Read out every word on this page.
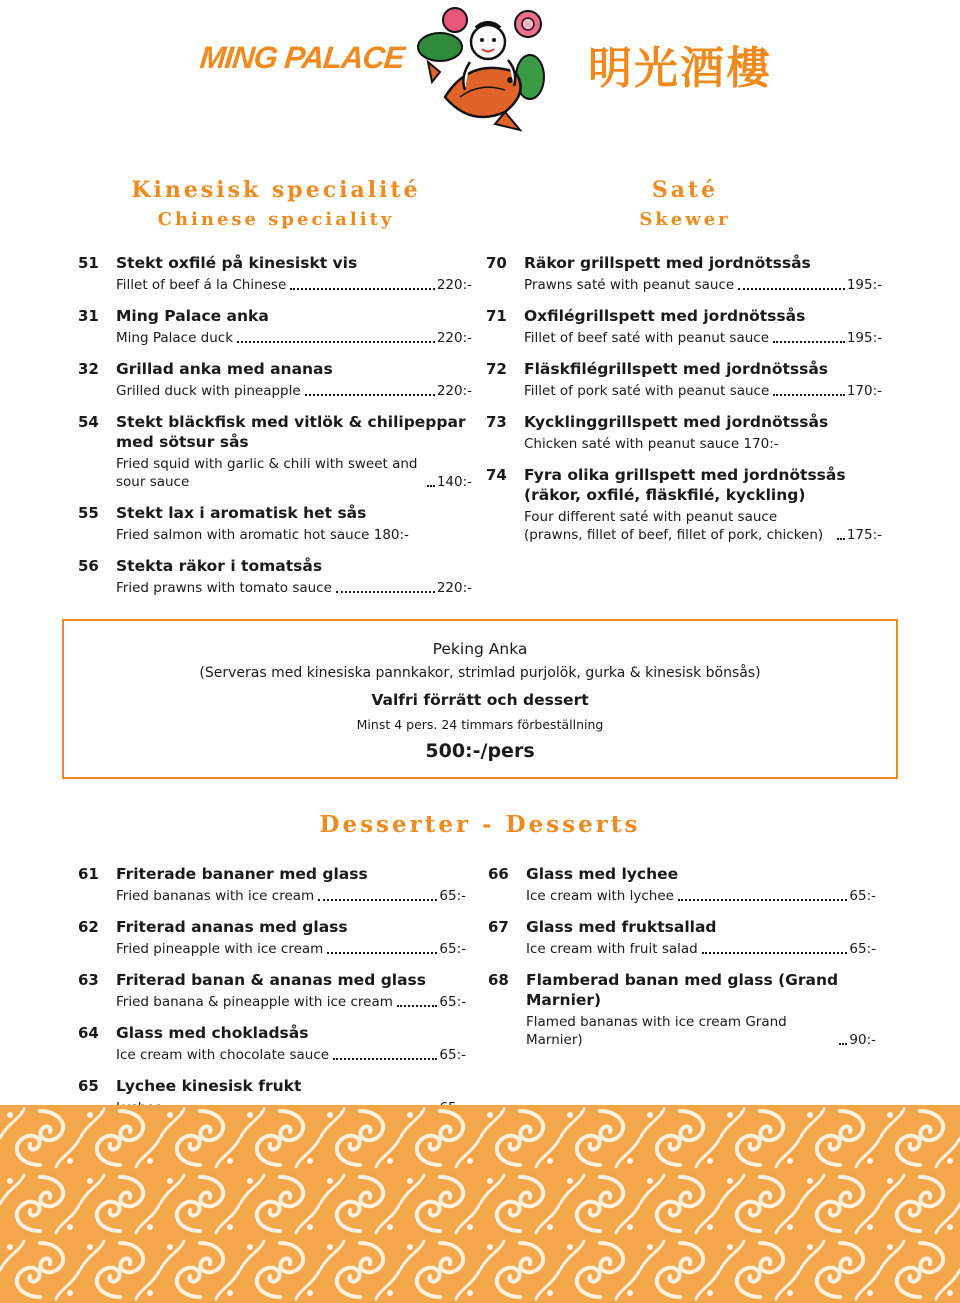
MING PALACE	明光酒樓
Kinesisk specialité
Chinese speciality
Saté
Skewer
51	Stekt oxfilé på kinesiskt vis
Fillet of beef á la Chinese	220:-
31	Ming Palace anka
Ming Palace duck	220:-
32	Grillad anka med ananas
Grilled duck with pineapple	220:-
54	Stekt bläckfisk med vitlök & chilipeppar med sötsur sås
Fried squid with garlic & chili with sweet and sour sauce	140:-
55	Stekt lax i aromatisk het sås
Fried salmon with aromatic hot sauce 180:-
56	Stekta räkor i tomatsås
Fried prawns with tomato sauce	220:-
70	Räkor grillspett med jordnötssås
Prawns saté with peanut sauce	195:-
71	Oxfilégrillspett med jordnötssås
Fillet of beef saté with peanut sauce	195:-
72	Fläskfilégrillspett med jordnötssås
Fillet of pork saté with peanut sauce	170:-
73	Kycklinggrillspett med jordnötssås
Chicken saté with peanut sauce 170:-
74	Fyra olika grillspett med jordnötssås (räkor, oxfilé, fläskfilé, kyckling)
Four different saté with peanut sauce (prawns, fillet of beef, fillet of pork, chicken)	175:-
Peking Anka
(Serveras med kinesiska pannkakor, strimlad purjolök, gurka & kinesisk bönsås)
Valfri förrätt och dessert
Minst 4 pers. 24 timmars förbeställning
500:-/pers
Desserter - Desserts
61	Friterade bananer med glass
Fried bananas with ice cream	65:-
62	Friterad ananas med glass
Fried pineapple with ice cream	65:-
63	Friterad banan & ananas med glass
Fried banana & pineapple with ice cream	65:-
64	Glass med chokladsås
Ice cream with chocolate sauce	65:-
65	Lychee kinesisk frukt
66	Glass med lychee
Ice cream with lychee	65:-
67	Glass med fruktsallad
Ice cream with fruit salad	65:-
68	Flamberad banan med glass (Grand Marnier)
Flamed bananas with ice cream Grand Marnier)	90:-
